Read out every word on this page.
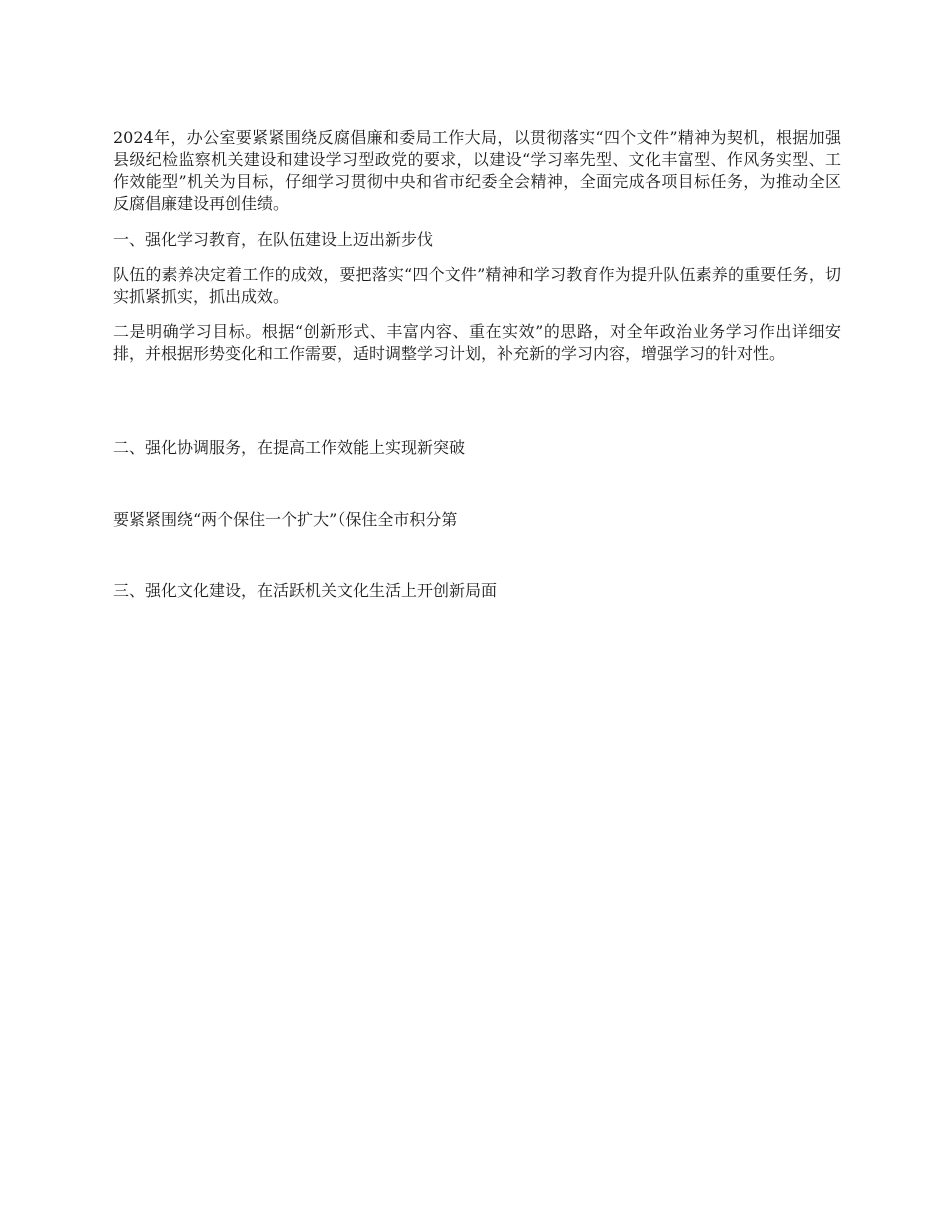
2024年，办公室要紧紧围绕反腐倡廉和委局工作大局，以贯彻落实“四个文件”精神为契机，根据加强县级纪检监察机关建设和建设学习型政党的要求，以建设“学习率先型、文化丰富型、作风务实型、工作效能型”机关为目标，仔细学习贯彻中央和省市纪委全会精神，全面完成各项目标任务，为推动全区反腐倡廉建设再创佳绩。

一、强化学习教育，在队伍建设上迈出新步伐

队伍的素养决定着工作的成效，要把落实“四个文件”精神和学习教育作为提升队伍素养的重要任务，切实抓紧抓实，抓出成效。

二是明确学习目标。根据“创新形式、丰富内容、重在实效”的思路，对全年政治业务学习作出详细安排，并根据形势变化和工作需要，适时调整学习计划，补充新的学习内容，增强学习的针对性。

二、强化协调服务，在提高工作效能上实现新突破

要紧紧围绕“两个保住一个扩大”（保住全市积分第

三、强化文化建设，在活跃机关文化生活上开创新局面
